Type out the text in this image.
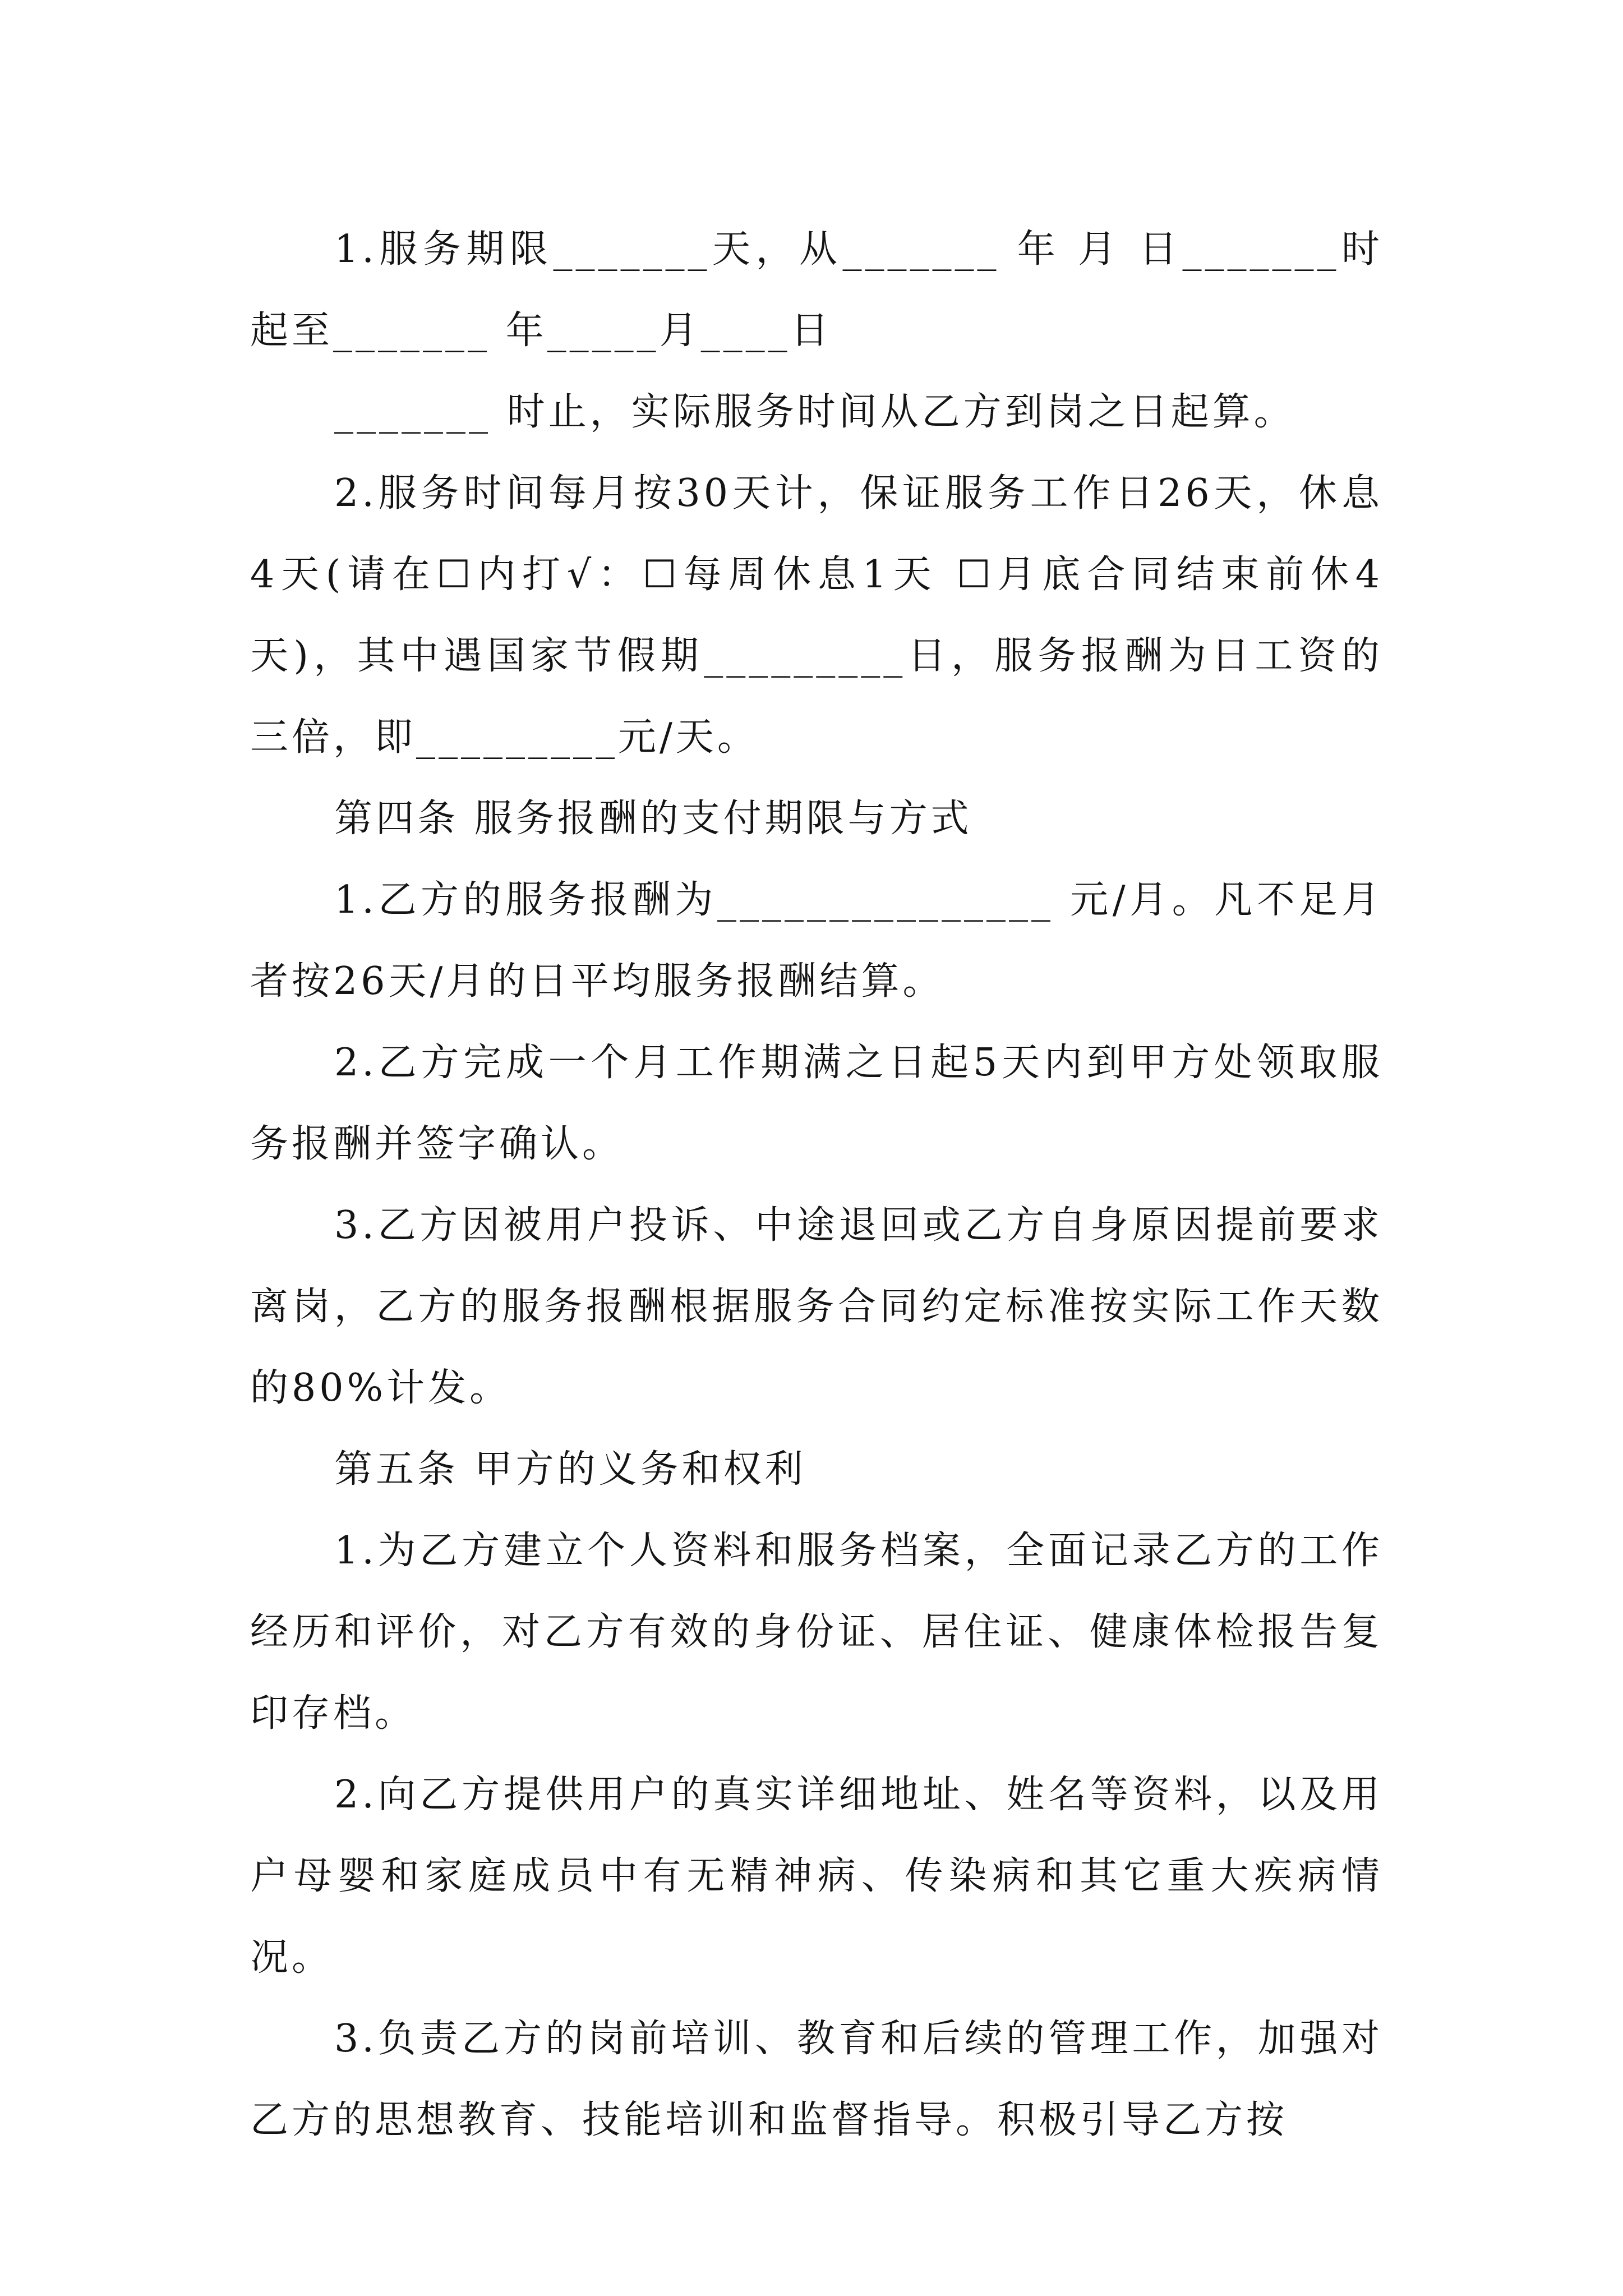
1.服务期限_______天，从_______ 年 月 日_______时起至_______ 年_____月____日

_______ 时止，实际服务时间从乙方到岗之日起算。

2.服务时间每月按30天计，保证服务工作日26天，休息4天(请在☐内打√：☐每周休息1天 ☐月底合同结束前休4天)，其中遇国家节假期_________日，服务报酬为日工资的三倍，即_________元/天。

第四条 服务报酬的支付期限与方式

1.乙方的服务报酬为_______________ 元/月。凡不足月者按26天/月的日平均服务报酬结算。

2.乙方完成一个月工作期满之日起5天内到甲方处领取服务报酬并签字确认。

3.乙方因被用户投诉、中途退回或乙方自身原因提前要求离岗，乙方的服务报酬根据服务合同约定标准按实际工作天数的80%计发。

第五条 甲方的义务和权利

1.为乙方建立个人资料和服务档案，全面记录乙方的工作经历和评价，对乙方有效的身份证、居住证、健康体检报告复印存档。

2.向乙方提供用户的真实详细地址、姓名等资料，以及用户母婴和家庭成员中有无精神病、传染病和其它重大疾病情况。

3.负责乙方的岗前培训、教育和后续的管理工作，加强对乙方的思想教育、技能培训和监督指导。积极引导乙方按
